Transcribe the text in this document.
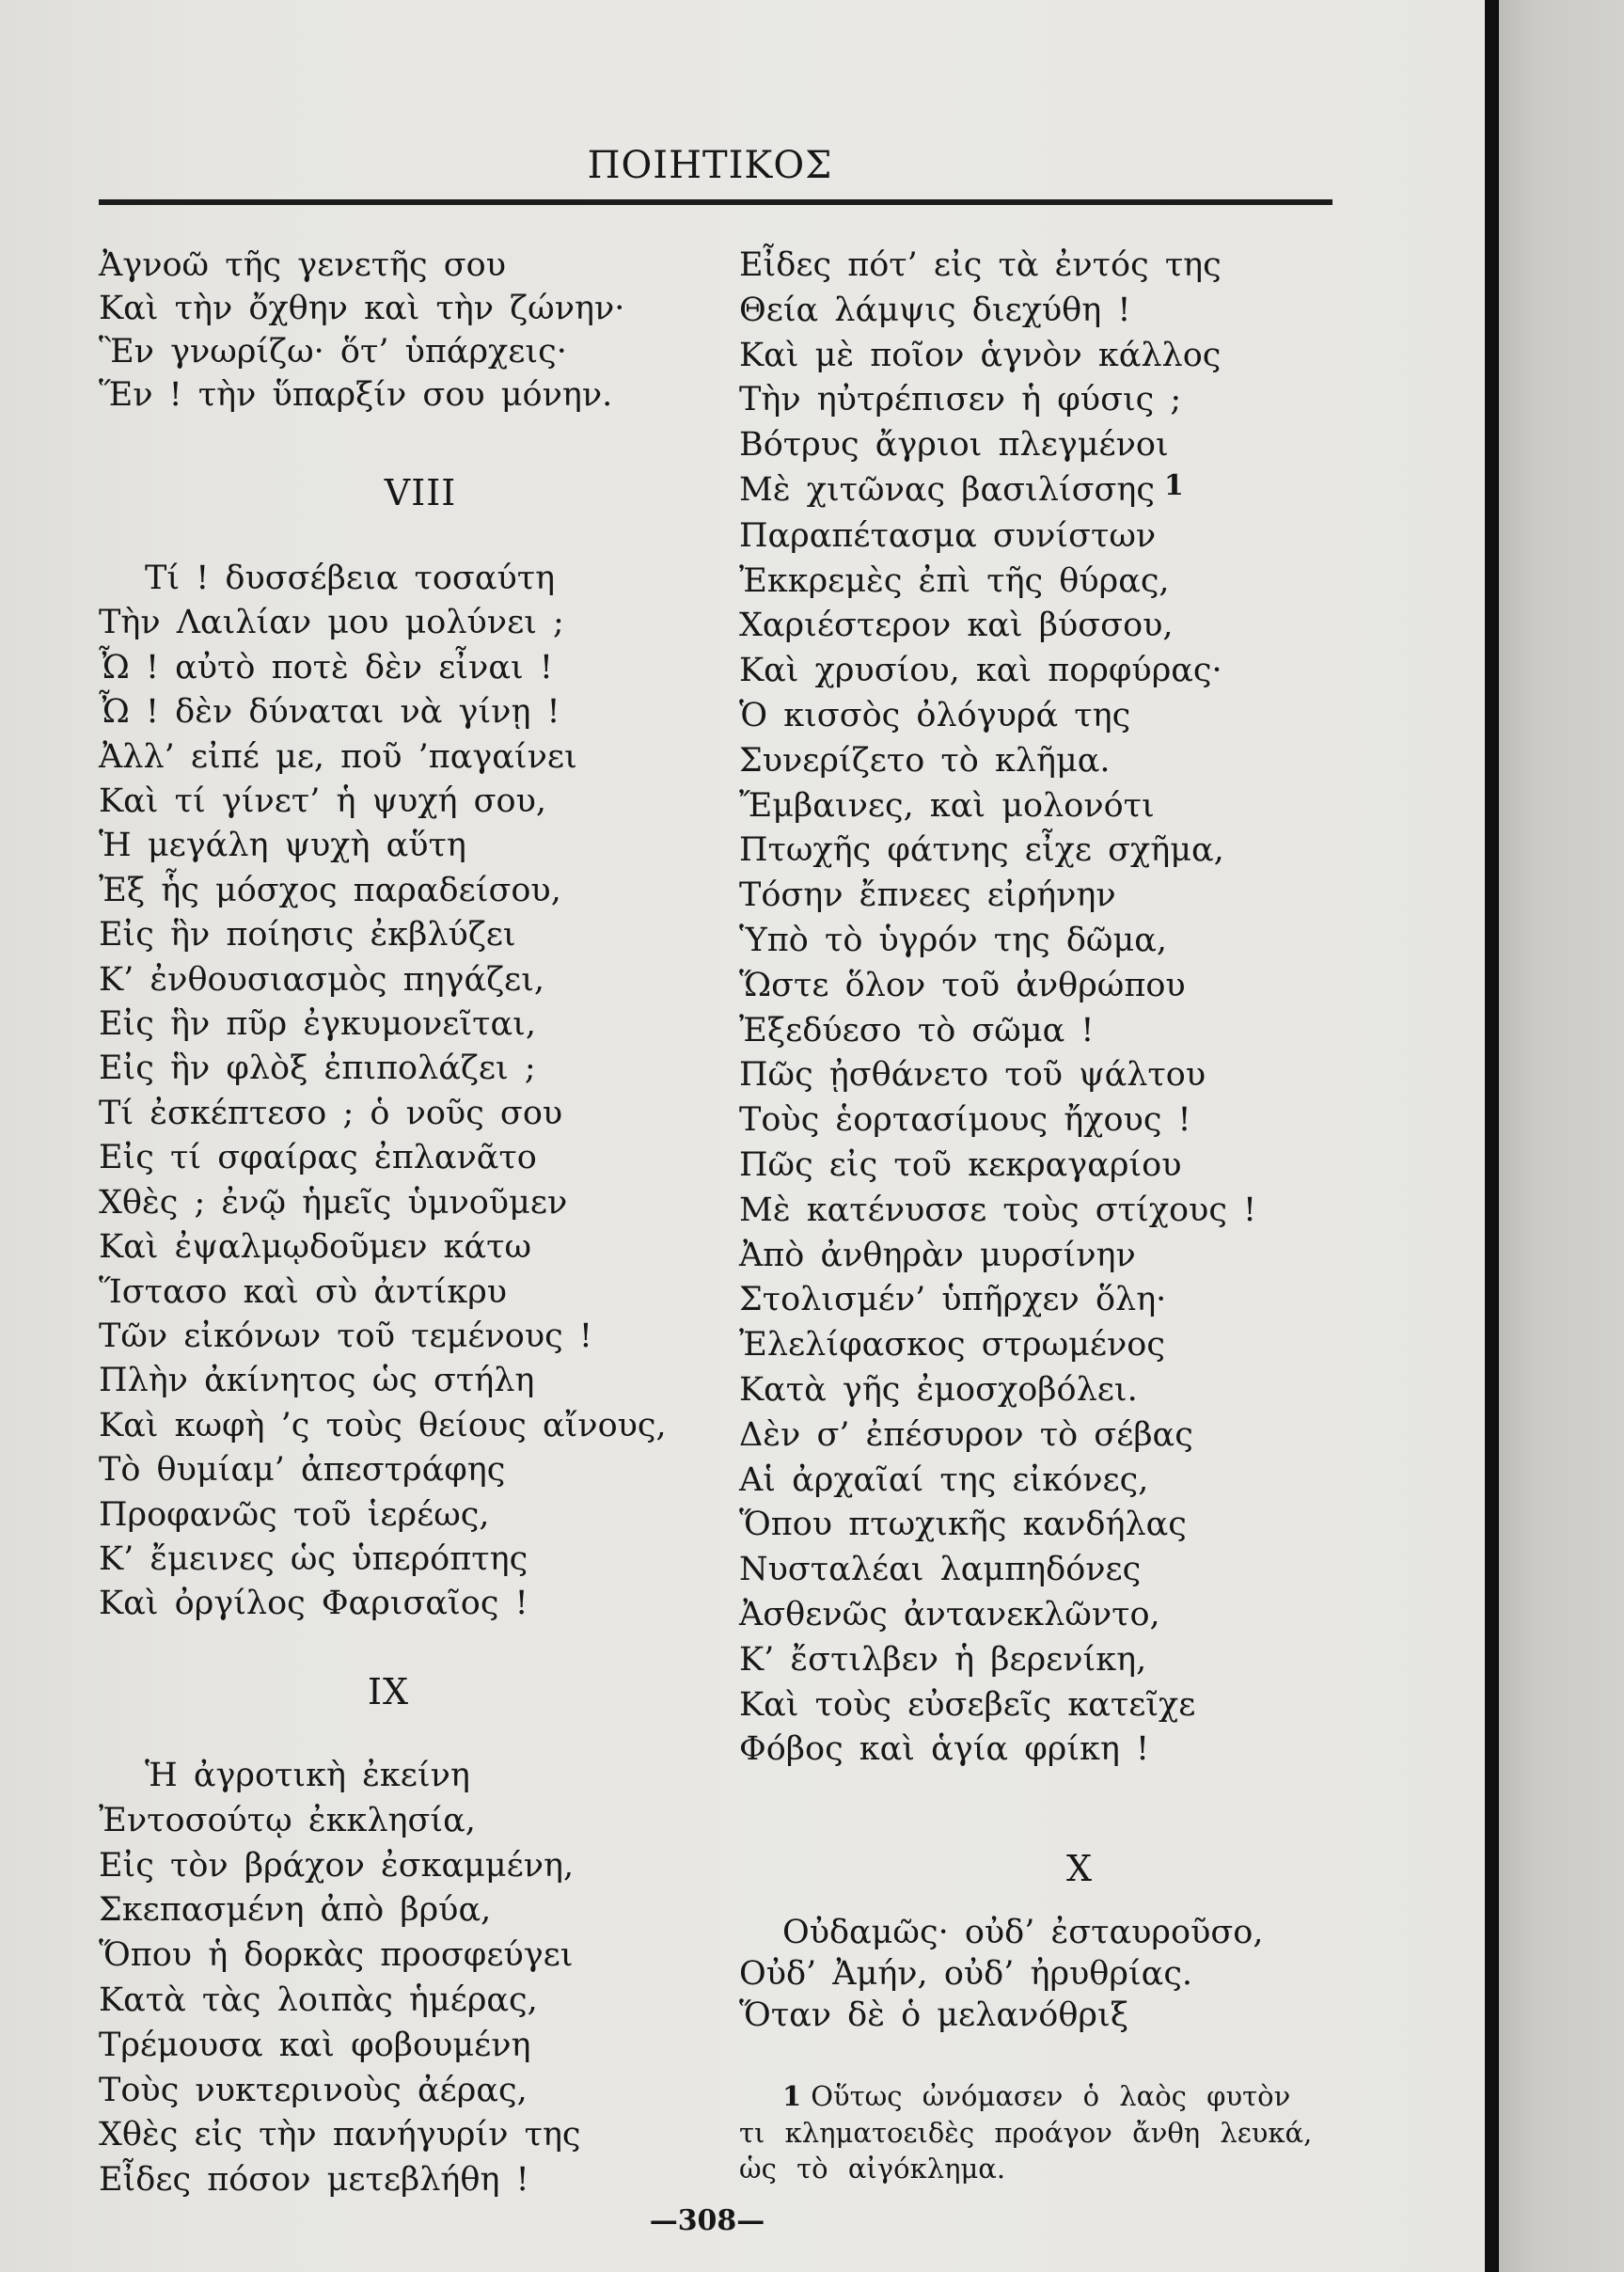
ΠΟΙΗΤΙΚΟΣ
Ἀγνοῶ τῆς γενετῆς σου
Καὶ τὴν ὄχθην καὶ τὴν ζώνην·
Ἓν γνωρίζω· ὅτ’ ὑπάρχεις·
Ἕν ! τὴν ὕπαρξίν σου μόνην.
VIII
Τί ! δυσσέβεια τοσαύτη
Τὴν Λαιλίαν μου μολύνει ;
Ὦ ! αὐτὸ ποτὲ δὲν εἶναι !
Ὦ ! δὲν δύναται νὰ γίνῃ !
Ἀλλ’ εἰπέ με, ποῦ ’παγαίνει
Καὶ τί γίνετ’ ἡ ψυχή σου,
Ἡ μεγάλη ψυχὴ αὕτη
Ἐξ ἧς μόσχος παραδείσου,
Εἰς ἣν ποίησις ἐκβλύζει
Κ’ ἐνθουσιασμὸς πηγάζει,
Εἰς ἣν πῦρ ἐγκυμονεῖται,
Εἰς ἣν φλὸξ ἐπιπολάζει ;
Τί ἐσκέπτεσο ; ὁ νοῦς σου
Εἰς τί σφαίρας ἐπλανᾶτο
Χθὲς ; ἐνῷ ἡμεῖς ὑμνοῦμεν
Καὶ ἐψαλμῳδοῦμεν κάτω
Ἵστασο καὶ σὺ ἀντίκρυ
Τῶν εἰκόνων τοῦ τεμένους !
Πλὴν ἀκίνητος ὡς στήλη
Καὶ κωφὴ ’ς τοὺς θείους αἴνους,
Τὸ θυμίαμ’ ἀπεστράφης
Προφανῶς τοῦ ἱερέως,
Κ’ ἔμεινες ὡς ὑπερόπτης
Καὶ ὀργίλος Φαρισαῖος !
IX
Ἡ ἀγροτικὴ ἐκείνη
Ἐντοσούτῳ ἐκκλησία,
Εἰς τὸν βράχον ἐσκαμμένη,
Σκεπασμένη ἀπὸ βρύα,
Ὅπου ἡ δορκὰς προσφεύγει
Κατὰ τὰς λοιπὰς ἡμέρας,
Τρέμουσα καὶ φοβουμένη
Τοὺς νυκτερινοὺς ἀέρας,
Χθὲς εἰς τὴν πανήγυρίν της
Εἶδες πόσον μετεβλήθη !
Εἶδες πότ’ εἰς τὰ ἐντός της
Θεία λάμψις διεχύθη !
Καὶ μὲ ποῖον ἁγνὸν κάλλος
Τὴν ηὐτρέπισεν ἡ φύσις ;
Βότρυς ἄγριοι πλεγμένοι
Μὲ χιτῶνας βασιλίσσης 1
Παραπέτασμα συνίστων
Ἐκκρεμὲς ἐπὶ τῆς θύρας,
Χαριέστερον καὶ βύσσου,
Καὶ χρυσίου, καὶ πορφύρας·
Ὁ κισσὸς ὀλόγυρά της
Συνερίζετο τὸ κλῆμα.
Ἔμβαινες, καὶ μολονότι
Πτωχῆς φάτνης εἶχε σχῆμα,
Τόσην ἔπνεες εἰρήνην
Ὑπὸ τὸ ὑγρόν της δῶμα,
Ὥστε ὅλον τοῦ ἀνθρώπου
Ἐξεδύεσο τὸ σῶμα !
Πῶς ᾐσθάνετο τοῦ ψάλτου
Τοὺς ἑορτασίμους ἤχους !
Πῶς εἰς τοῦ κεκραγαρίου
Μὲ κατένυσσε τοὺς στίχους !
Ἀπὸ ἀνθηρὰν μυρσίνην
Στολισμέν’ ὑπῆρχεν ὅλη·
Ἐλελίφασκος στρωμένος
Κατὰ γῆς ἐμοσχοβόλει.
Δὲν σ’ ἐπέσυρον τὸ σέβας
Αἱ ἀρχαῖαί της εἰκόνες,
Ὅπου πτωχικῆς κανδήλας
Νυσταλέαι λαμπηδόνες
Ἀσθενῶς ἀντανεκλῶντο,
Κ’ ἔστιλβεν ἡ βερενίκη,
Καὶ τοὺς εὐσεβεῖς κατεῖχε
Φόβος καὶ ἁγία φρίκη !
X
Οὐδαμῶς· οὐδ’ ἐσταυροῦσο,
Οὐδ’ Ἀμήν, οὐδ’ ἠρυθρίας.
Ὅταν δὲ ὁ μελανόθριξ
1 Οὕτως ὠνόμασεν ὁ λαὸς φυτὸν
τι κληματοειδὲς προάγον ἄνθη λευκά,
ὡς τὸ αἰγόκλημα.
—308—
